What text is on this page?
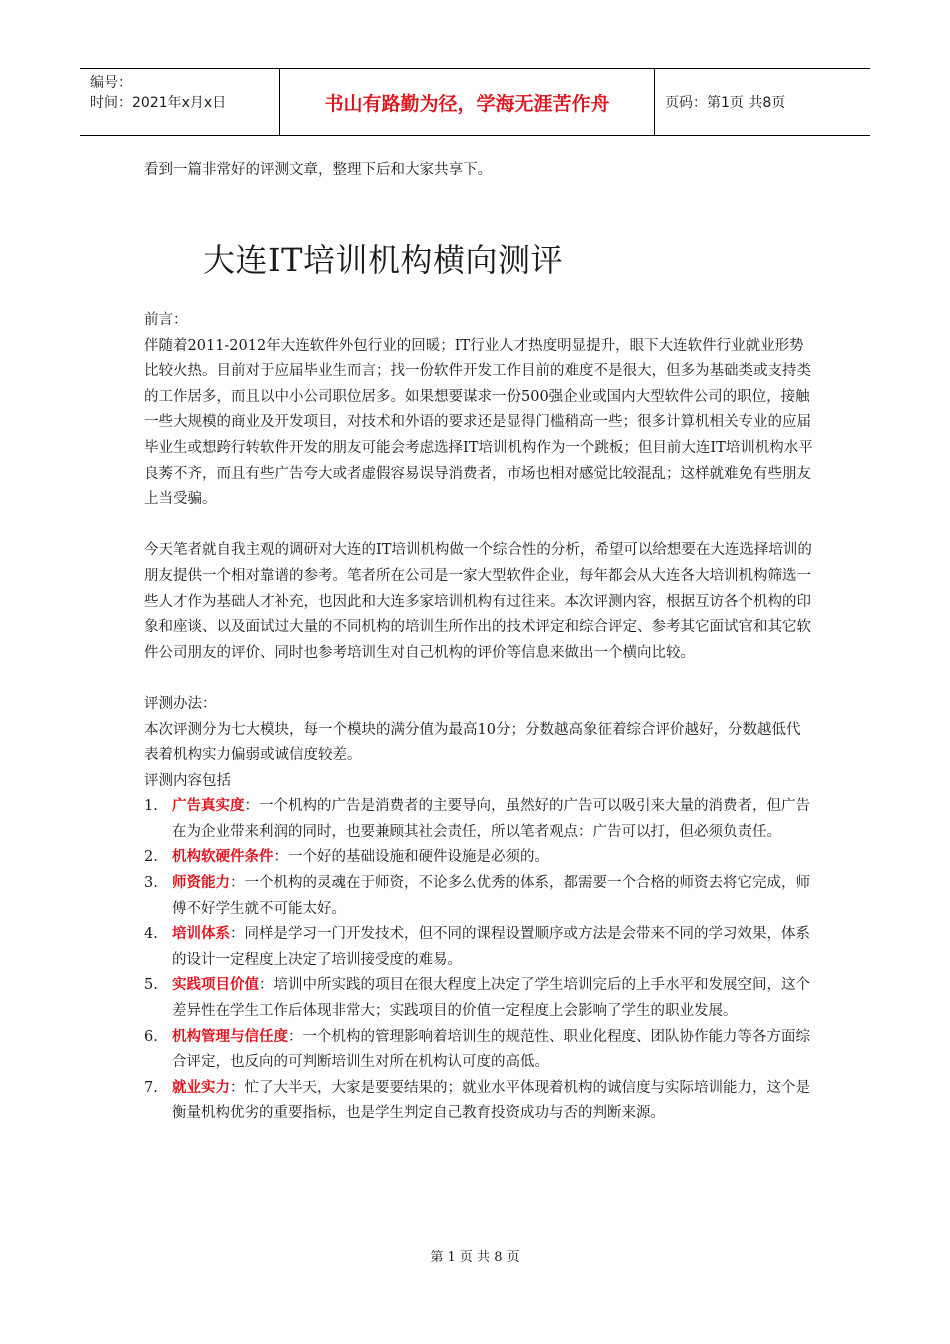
编号：
时间：2021年x月x日	书山有路勤为径，学海无涯苦作舟	页码：第1页 共8页
看到一篇非常好的评测文章，整理下后和大家共享下。
大连IT培训机构横向测评

前言：

伴随着2011-2012年大连软件外包行业的回暖；IT行业人才热度明显提升，眼下大连软件行业就业形势比较火热。目前对于应届毕业生而言；找一份软件开发工作目前的难度不是很大，但多为基础类或支持类的工作居多，而且以中小公司职位居多。如果想要谋求一份500强企业或国内大型软件公司的职位，接触一些大规模的商业及开发项目，对技术和外语的要求还是显得门槛稍高一些；很多计算机相关专业的应届毕业生或想跨行转软件开发的朋友可能会考虑选择IT培训机构作为一个跳板；但目前大连IT培训机构水平良莠不齐，而且有些广告夸大或者虚假容易误导消费者，市场也相对感觉比较混乱；这样就难免有些朋友上当受骗。

今天笔者就自我主观的调研对大连的IT培训机构做一个综合性的分析，希望可以给想要在大连选择培训的朋友提供一个相对靠谱的参考。笔者所在公司是一家大型软件企业，每年都会从大连各大培训机构筛选一些人才作为基础人才补充，也因此和大连多家培训机构有过往来。本次评测内容，根据互访各个机构的印象和座谈、以及面试过大量的不同机构的培训生所作出的技术评定和综合评定、参考其它面试官和其它软件公司朋友的评价、同时也参考培训生对自己机构的评价等信息来做出一个横向比较。

评测办法：

本次评测分为七大模块，每一个模块的满分值为最高10分；分数越高象征着综合评价越好，分数越低代表着机构实力偏弱或诚信度较差。

评测内容包括

1. 广告真实度：一个机构的广告是消费者的主要导向，虽然好的广告可以吸引来大量的消费者，但广告在为企业带来利润的同时，也要兼顾其社会责任，所以笔者观点：广告可以打，但必须负责任。
2. 机构软硬件条件：一个好的基础设施和硬件设施是必须的。
3. 师资能力：一个机构的灵魂在于师资，不论多么优秀的体系，都需要一个合格的师资去将它完成，师傅不好学生就不可能太好。
4. 培训体系：同样是学习一门开发技术，但不同的课程设置顺序或方法是会带来不同的学习效果，体系的设计一定程度上决定了培训接受度的难易。
5. 实践项目价值：培训中所实践的项目在很大程度上决定了学生培训完后的上手水平和发展空间，这个差异性在学生工作后体现非常大；实践项目的价值一定程度上会影响了学生的职业发展。
6. 机构管理与信任度：一个机构的管理影响着培训生的规范性、职业化程度、团队协作能力等各方面综合评定，也反向的可判断培训生对所在机构认可度的高低。
7. 就业实力：忙了大半天，大家是要要结果的；就业水平体现着机构的诚信度与实际培训能力，这个是衡量机构优劣的重要指标，也是学生判定自己教育投资成功与否的判断来源。
第 1 页 共 8 页
